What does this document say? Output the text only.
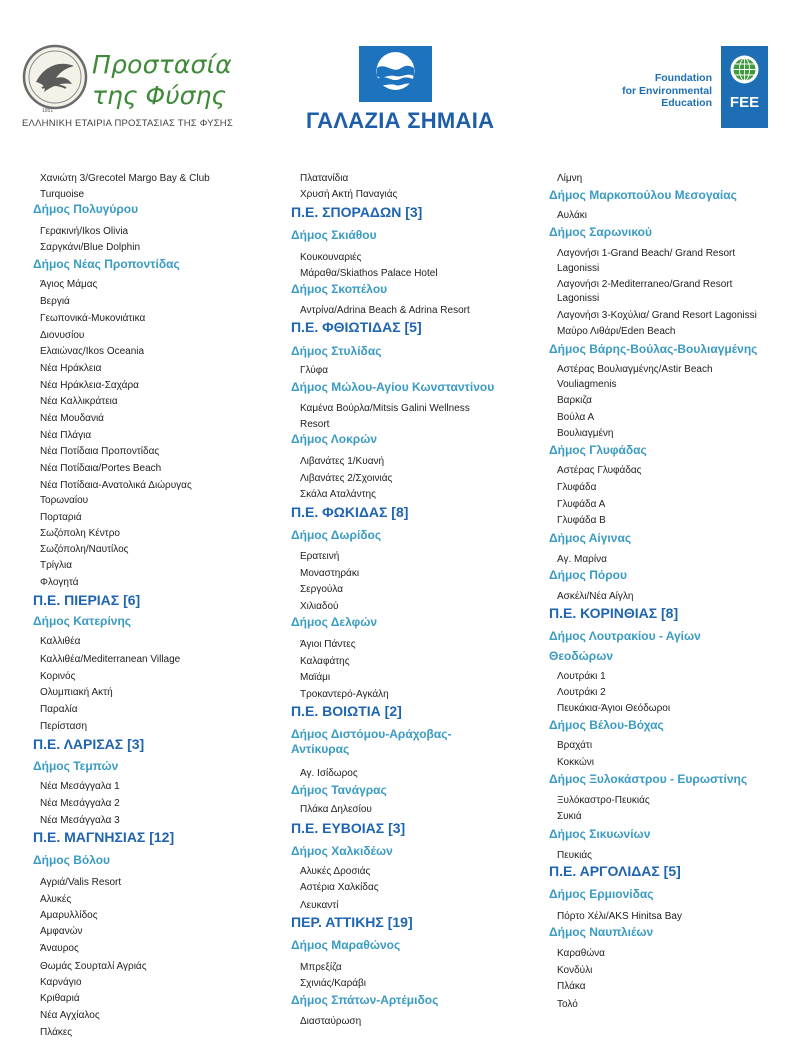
Προστασία
της Φύσης
1951
ΕΛΛΗΝΙΚΗ ΕΤΑΙΡΙΑ ΠΡΟΣΤΑΣΙΑΣ ΤΗΣ ΦΥΣΗΣ	ΓΑΛΑΖΙΑ ΣΗΜΑΙΑ
Foundation
for Environmental
Education	FEE
Χανιώτη 3/Grecotel Margo Bay & Club
Turquoise
Δήμος Πολυγύρου
Γερακινή/Ikos Olivia
Σαργκάνι/Blue Dolphin
Δήμος Νέας Προποντίδας
Άγιος Μάμας
Βεργιά
Γεωπονικά-Μυκονιάτικα
Διονυσίου
Ελαιώνας/Ikos Oceania
Νέα Ηράκλεια
Νέα Ηράκλεια-Σαχάρα
Νέα Καλλικράτεια
Νέα Μουδανιά
Νέα Πλάγια
Νέα Ποτίδαια Προποντίδας
Νέα Ποτίδαια/Portes Beach
Νέα Ποτίδαια-Ανατολικά Διώρυγας
Τορωναίου
Πορταριά
Σωζόπολη Κέντρο
Σωζόπολη/Ναυτίλος
Τρίγλια
Φλογητά
Π.Ε. ΠΙΕΡΙΑΣ [6]
Δήμος Κατερίνης
Καλλιθέα
Καλλιθέα/Mediterranean Village
Κορινός
Ολυμπιακή Ακτή
Παραλία
Περίσταση
Π.Ε. ΛΑΡΙΣΑΣ [3]
Δήμος Τεμπών
Νέα Μεσάγγαλα 1
Νέα Μεσάγγαλα 2
Νέα Μεσάγγαλα 3
Π.Ε. ΜΑΓΝΗΣΙΑΣ [12]
Δήμος Βόλου
Αγριά/Valis Resort
Αλυκές
Αμαρυλλίδος
Αμφανών
Άναυρος
Θωμάς Σουρταλί Αγριάς
Καρνάγιο
Κριθαριά
Νέα Αγχίαλος
Πλάκες
Πλατανίδια
Χρυσή Ακτή Παναγιάς
Π.Ε. ΣΠΟΡΑΔΩΝ [3]
Δήμος Σκιάθου
Κουκουναριές
Μάραθα/Skiathos Palace Hotel
Δήμος Σκοπέλου
Αντρίνα/Adrina Beach & Adrina Resort
Π.Ε. ΦΘΙΩΤΙΔΑΣ [5]
Δήμος Στυλίδας
Γλύφα
Δήμος Μώλου-Αγίου Κωνσταντίνου
Καμένα Βούρλα/Mitsis Galini Wellness
Resort
Δήμος Λοκρών
Λιβανάτες 1/Κυανή
Λιβανάτες 2/Σχοινιάς
Σκάλα Αταλάντης
Π.Ε. ΦΩΚΙΔΑΣ [8]
Δήμος Δωρίδος
Ερατεινή
Μοναστηράκι
Σεργούλα
Χιλιαδού
Δήμος Δελφών
Άγιοι Πάντες
Καλαφάτης
Μαϊάμι
Τροκαντερό-Αγκάλη
Π.Ε. ΒΟΙΩΤΙΑ [2]
Δήμος Διστόμου-Αράχοβας-
Αντίκυρας
Αγ. Ισίδωρος
Δήμος Τανάγρας
Πλάκα Δηλεσίου
Π.Ε. ΕΥΒΟΙΑΣ [3]
Δήμος Χαλκιδέων
Αλυκές Δροσιάς
Αστέρια Χαλκίδας
Λευκαντί
ΠΕΡ. ΑΤΤΙΚΗΣ [19]
Δήμος Μαραθώνος
Μπρεξίζα
Σχινιάς/Καράβι
Δήμος Σπάτων-Αρτέμιδος
Διασταύρωση
Λίμνη
Δήμος Μαρκοπούλου Μεσογαίας
Αυλάκι
Δήμος Σαρωνικού
Λαγονήσι 1-Grand Beach/ Grand Resort
Lagonissi
Λαγονήσι 2-Mediterraneo/Grand Resort
Lagonissi
Λαγονήσι 3-Κοχύλια/ Grand Resort Lagonissi
Μαύρο Λιθάρι/Eden Beach
Δήμος Βάρης-Βούλας-Βουλιαγμένης
Αστέρας Βουλιαγμένης/Astir Beach
Vouliagmenis
Βαρκιζα
Βούλα Α
Βουλιαγμένη
Δήμος Γλυφάδας
Αστέρας Γλυφάδας
Γλυφάδα
Γλυφάδα Α
Γλυφάδα Β
Δήμος Αίγινας
Αγ. Μαρίνα
Δήμος Πόρου
Ασκέλι/Νέα Αίγλη
Π.Ε. ΚΟΡΙΝΘΙΑΣ [8]
Δήμος Λουτρακίου - Αγίων
Θεοδώρων
Λουτράκι 1
Λουτράκι 2
Πευκάκια-Άγιοι Θεόδωροι
Δήμος Βέλου-Βόχας
Βραχάτι
Κοκκώνι
Δήμος Ξυλοκάστρου - Ευρωστίνης
Ξυλόκαστρο-Πευκιάς
Συκιά
Δήμος Σικυωνίων
Πευκιάς
Π.Ε. ΑΡΓΟΛΙΔΑΣ [5]
Δήμος Ερμιονίδας
Πόρτο Χέλι/AKS Hinitsa Bay
Δήμος Ναυπλιέων
Καραθώνα
Κονδύλι
Πλάκα
Τολό
